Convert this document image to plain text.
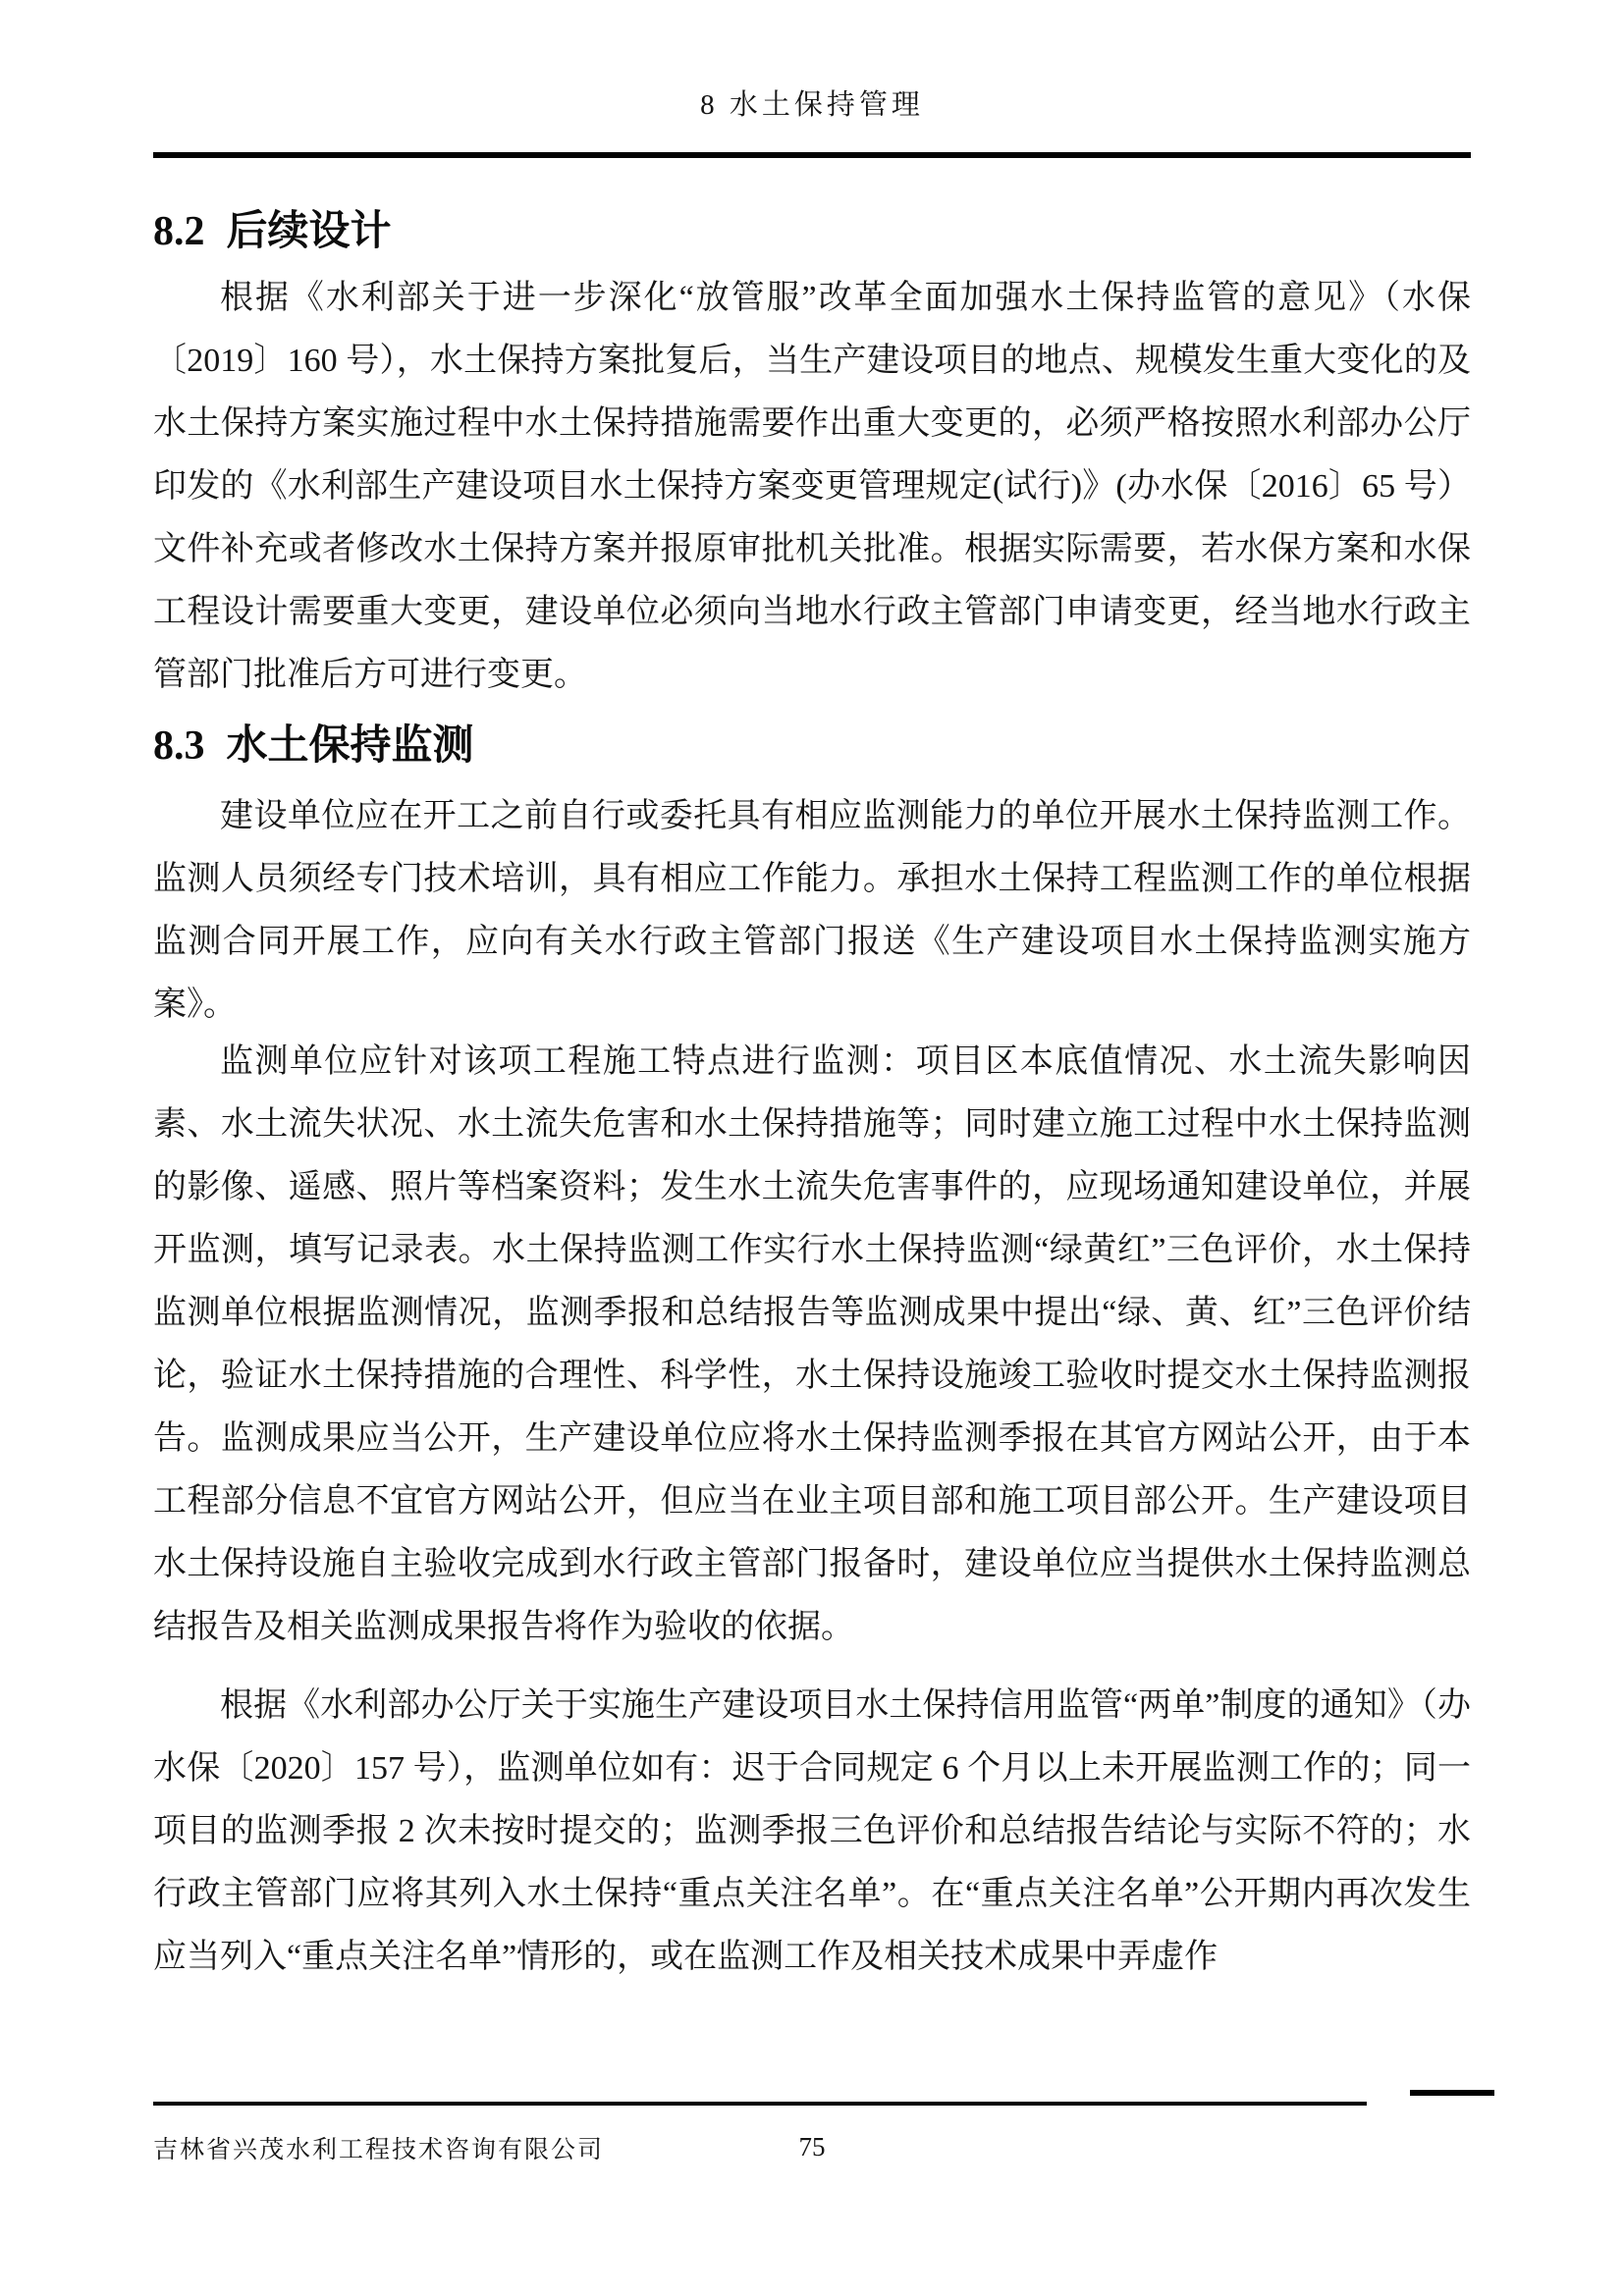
8 水土保持管理
8.2 后续设计

根据《水利部关于进一步深化“放管服”改革全面加强水土保持监管的意见》（水保〔2019〕160 号），水土保持方案批复后，当生产建设项目的地点、规模发生重大变化的及水土保持方案实施过程中水土保持措施需要作出重大变更的，必须严格按照水利部办公厅印发的《水利部生产建设项目水土保持方案变更管理规定(试行)》(办水保〔2016〕65 号）文件补充或者修改水土保持方案并报原审批机关批准。根据实际需要，若水保方案和水保工程设计需要重大变更，建设单位必须向当地水行政主管部门申请变更，经当地水行政主管部门批准后方可进行变更。

8.3 水土保持监测

建设单位应在开工之前自行或委托具有相应监测能力的单位开展水土保持监测工作。监测人员须经专门技术培训，具有相应工作能力。承担水土保持工程监测工作的单位根据监测合同开展工作，应向有关水行政主管部门报送《生产建设项目水土保持监测实施方案》。

监测单位应针对该项工程施工特点进行监测：项目区本底值情况、水土流失影响因素、水土流失状况、水土流失危害和水土保持措施等；同时建立施工过程中水土保持监测的影像、遥感、照片等档案资料；发生水土流失危害事件的，应现场通知建设单位，并展开监测，填写记录表。水土保持监测工作实行水土保持监测“绿黄红”三色评价，水土保持监测单位根据监测情况，监测季报和总结报告等监测成果中提出“绿、黄、红”三色评价结论，验证水土保持措施的合理性、科学性，水土保持设施竣工验收时提交水土保持监测报告。监测成果应当公开，生产建设单位应将水土保持监测季报在其官方网站公开，由于本工程部分信息不宜官方网站公开，但应当在业主项目部和施工项目部公开。生产建设项目水土保持设施自主验收完成到水行政主管部门报备时，建设单位应当提供水土保持监测总结报告及相关监测成果报告将作为验收的依据。

根据《水利部办公厅关于实施生产建设项目水土保持信用监管“两单”制度的通知》（办水保〔2020〕157 号），监测单位如有：迟于合同规定 6 个月以上未开展监测工作的；同一项目的监测季报 2 次未按时提交的；监测季报三色评价和总结报告结论与实际不符的；水行政主管部门应将其列入水土保持“重点关注名单”。在“重点关注名单”公开期内再次发生应当列入“重点关注名单”情形的，或在监测工作及相关技术成果中弄虚作

吉林省兴茂水利工程技术咨询有限公司	75
